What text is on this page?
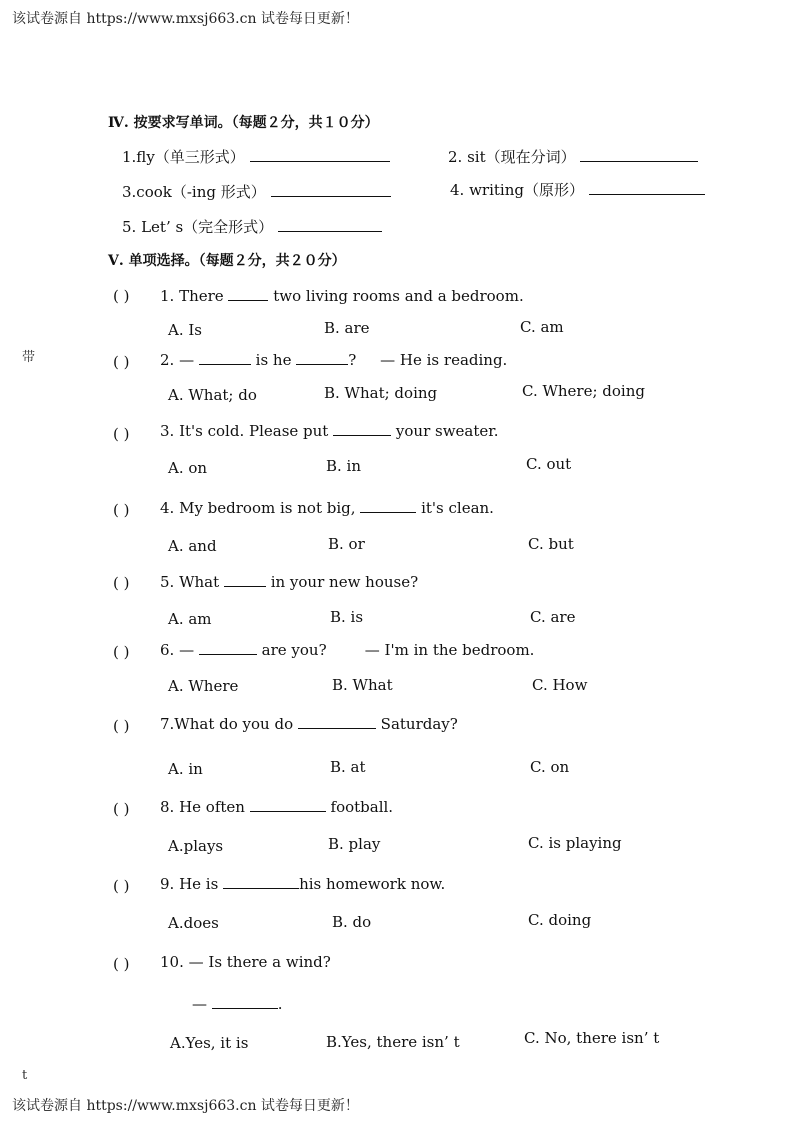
该试卷源自 https://www.mxsj663.cn 试卷每日更新！
该试卷源自 https://www.mxsj663.cn 试卷每日更新！
带
t
Ⅳ. 按要求写单词。（每题２分，共１０分）
1.fly（单三形式）	2. sit（现在分词）
3.cook（-ing 形式）	4. writing（原形）
5. Let’ s（完全形式）
Ⅴ. 单项选择。（每题２分，共２０分）
( ) 1. There	two living rooms and a bedroom.
A. Is	B. are	C. am
( ) 2. —	is he	? — He is reading.
A. What; do	B. What; doing	C. Where; doing
( ) 3. It's cold. Please put	your sweater.
A. on	B. in	C. out
( ) 4. My bedroom is not big,	it's clean.
A. and	B. or	C. but
( ) 5. What	in your new house?
A. am	B. is	C. are
( ) 6. —	are you?	— I'm in the bedroom.
A. Where	B. What	C. How
( ) 7.What do you do	Saturday?
A. in	B. at	C. on
( ) 8. He often	football.
A.plays	B. play	C. is playing
( ) 9. He is	his homework now.
A.does	B. do	C. doing
( ) 10. — Is there a wind?
—	.
A.Yes, it is	B.Yes, there isn’ t	C. No, there isn’ t
